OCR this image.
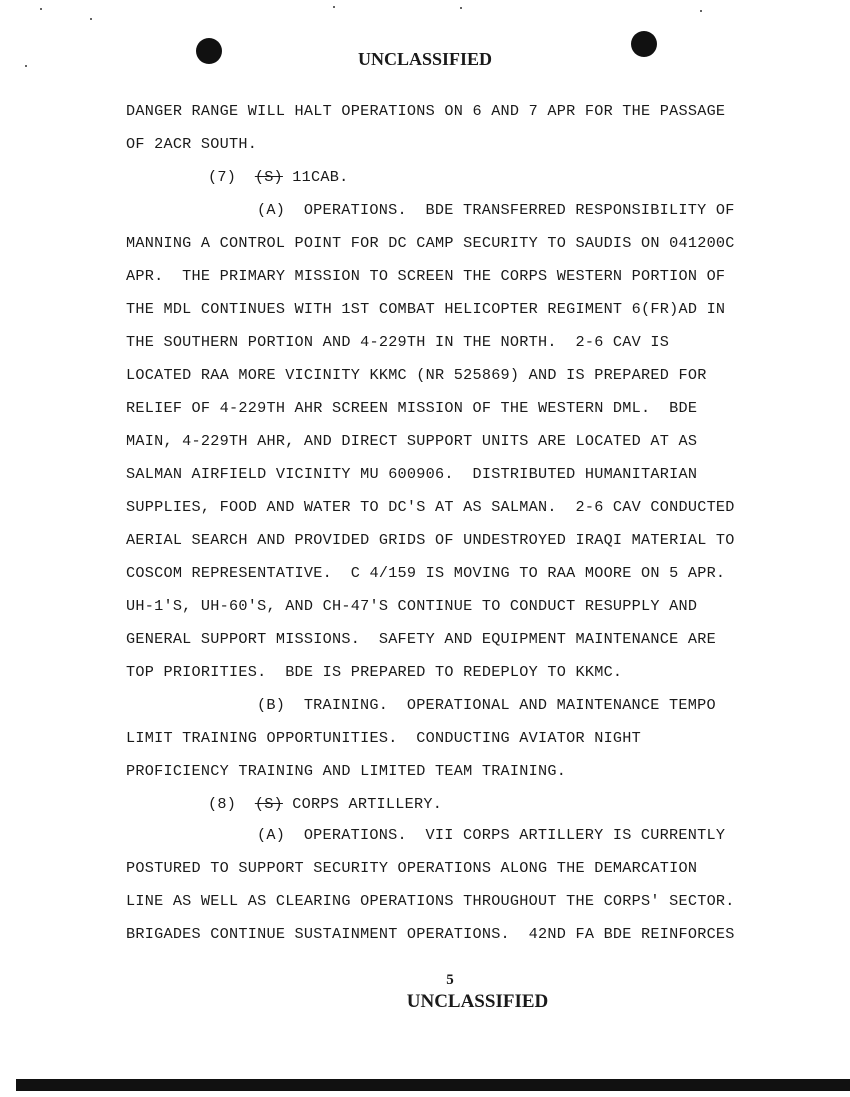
UNCLASSIFIED
DANGER RANGE WILL HALT OPERATIONS ON 6 AND 7 APR FOR THE PASSAGE
OF 2ACR SOUTH.
(7)  (S) 11CAB.
(A)  OPERATIONS.  BDE TRANSFERRED RESPONSIBILITY OF
MANNING A CONTROL POINT FOR DC CAMP SECURITY TO SAUDIS ON 041200C
APR.  THE PRIMARY MISSION TO SCREEN THE CORPS WESTERN PORTION OF
THE MDL CONTINUES WITH 1ST COMBAT HELICOPTER REGIMENT 6(FR)AD IN
THE SOUTHERN PORTION AND 4-229TH IN THE NORTH.  2-6 CAV IS
LOCATED RAA MORE VICINITY KKMC (NR 525869) AND IS PREPARED FOR
RELIEF OF 4-229TH AHR SCREEN MISSION OF THE WESTERN DML.  BDE
MAIN, 4-229TH AHR, AND DIRECT SUPPORT UNITS ARE LOCATED AT AS
SALMAN AIRFIELD VICINITY MU 600906.  DISTRIBUTED HUMANITARIAN
SUPPLIES, FOOD AND WATER TO DC'S AT AS SALMAN.  2-6 CAV CONDUCTED
AERIAL SEARCH AND PROVIDED GRIDS OF UNDESTROYED IRAQI MATERIAL TO
COSCOM REPRESENTATIVE.  C 4/159 IS MOVING TO RAA MOORE ON 5 APR.
UH-1'S, UH-60'S, AND CH-47'S CONTINUE TO CONDUCT RESUPPLY AND
GENERAL SUPPORT MISSIONS.  SAFETY AND EQUIPMENT MAINTENANCE ARE
TOP PRIORITIES.  BDE IS PREPARED TO REDEPLOY TO KKMC.
(B)  TRAINING.  OPERATIONAL AND MAINTENANCE TEMPO
LIMIT TRAINING OPPORTUNITIES.  CONDUCTING AVIATOR NIGHT
PROFICIENCY TRAINING AND LIMITED TEAM TRAINING.
(8)  (S) CORPS ARTILLERY.
(A)  OPERATIONS.  VII CORPS ARTILLERY IS CURRENTLY
POSTURED TO SUPPORT SECURITY OPERATIONS ALONG THE DEMARCATION
LINE AS WELL AS CLEARING OPERATIONS THROUGHOUT THE CORPS' SECTOR.
BRIGADES CONTINUE SUSTAINMENT OPERATIONS.  42ND FA BDE REINFORCES
5
UNCLASSIFIED
